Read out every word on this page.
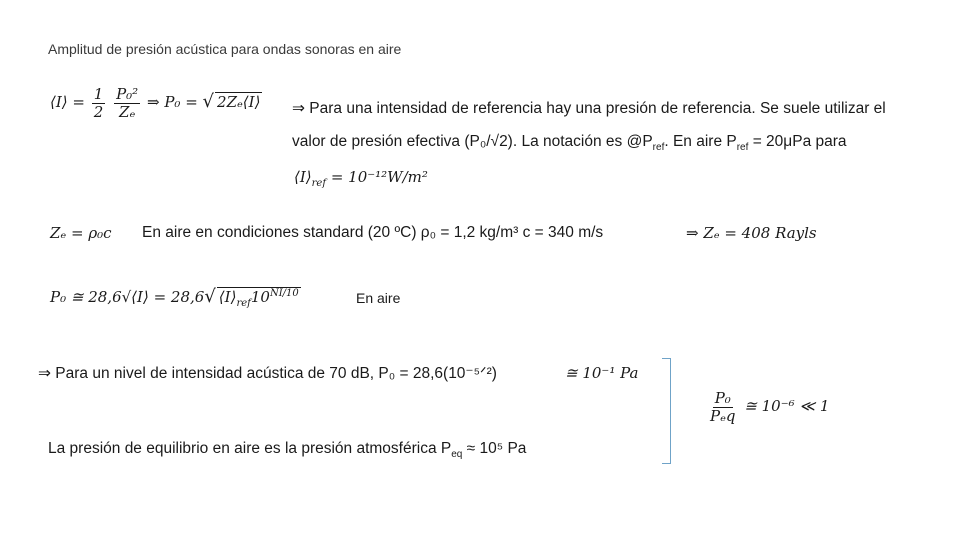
Amplitud de presión acústica para ondas sonoras en aire
⟨I⟩ = $\frac{1}{2}$
$\frac{\text{P₀²}}{\text{Zₑ}}$ ⇒ P₀ = √ 2Zₑ⟨I⟩ ⇒ Para una intensidad de referencia hay una presión de referencia. Se suele utilizar el
valor de presión efectiva (P₀/√2). La notación es $@P_{ref}$. En aire $P_{ref} = 20\mu Pa$ para
$⟨I⟩_{ref} = 10^{-12}W/m^2$
Zₑ = ρ₀c En aire en condiciones standard (20 ºC) ρ₀ = 1,2 kg/m³ c = 340 m/s	⇒ Zₑ = 408 Rayls
P₀ ≅ 28,6√⟨I⟩ = 28,6√ $⟨I⟩_{ref}10^{NI/10}$	En aire
⇒ Para un nivel de intensidad acústica de 70 dB, P₀ = 28,6(10⁻⁵ᐟ²)	≅ 10⁻¹ Pa
La presión de equilibrio en aire es la presión atmosférica $P_{eq} \approx 10^5$ Pa
$\frac{\text{P₀}}{\text{Pₑq}}$ ≅ 10⁻⁶ ≪ 1
